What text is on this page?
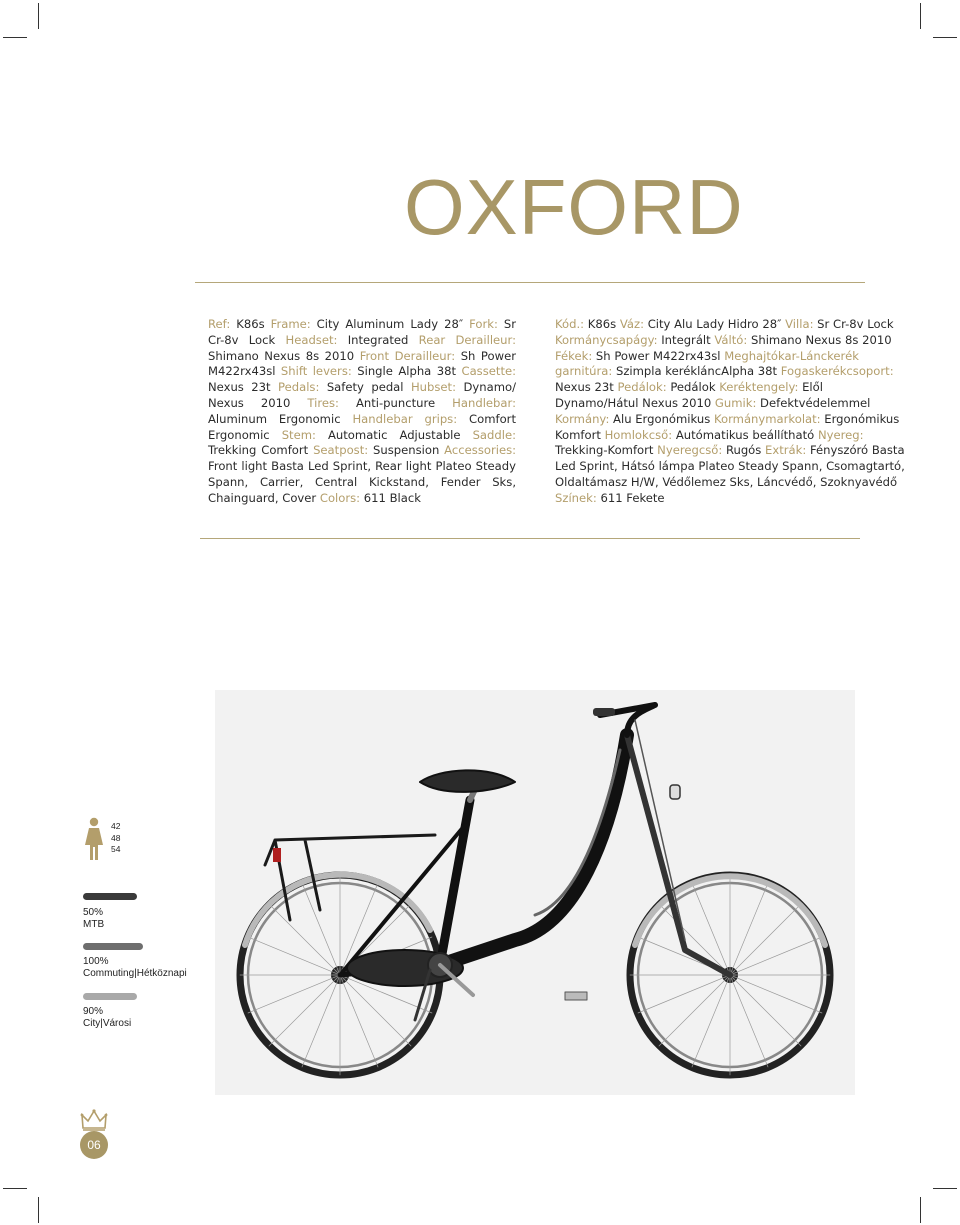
OXFORD
Ref: K86s Frame: City Aluminum Lady 28″ Fork: Sr Cr-8v Lock Headset: Integrated Rear Derailleur: Shimano Nexus 8s 2010 Front Derailleur: Sh Power M422rx43sl Shift levers: Single Alpha 38t Cassette: Nexus 23t Pedals: Safety pedal Hubset: Dynamo/ Nexus 2010 Tires: Anti-puncture Handlebar: Aluminum Ergonomic Handlebar grips: Comfort Ergonomic Stem: Automatic Adjustable Saddle: Trekking Comfort Seatpost: Suspension Accessories: Front light Basta Led Sprint, Rear light Plateo Steady Spann, Carrier, Central Kickstand, Fender Sks, Chainguard, Cover Colors: 611 Black
Kód.: K86s Váz: City Alu Lady Hidro 28″ Villa: Sr Cr-8v Lock Kormánycsapágy: Integrált Váltó: Shimano Nexus 8s 2010 Fékek: Sh Power M422rx43sl Meghajtókar-Lánckerék garnitúra: Szimpla kerékláncAlpha 38t Fogaskerékcsoport: Nexus 23t Pedálok: Pedálok Keréktengely: Elől Dynamo/Hátul Nexus 2010 Gumik: Defektvédelemmel Kormány: Alu Ergonómikus Kormánymarkolat: Ergonómikus Komfort Homlokcső: Autómatikus beállítható Nyereg: Trekking-Komfort Nyeregcső: Rugós Extrák: Fényszóró Basta Led Sprint, Hátsó lámpa Plateo Steady Spann, Csomagtartó, Oldaltámasz H/W, Védőlemez Sks, Láncvédő, Szoknyavédő Színek: 611 Fekete
42
48
54
50%
MTB
100%
Commuting|Hétköznapi
90%
City|Városi
06
